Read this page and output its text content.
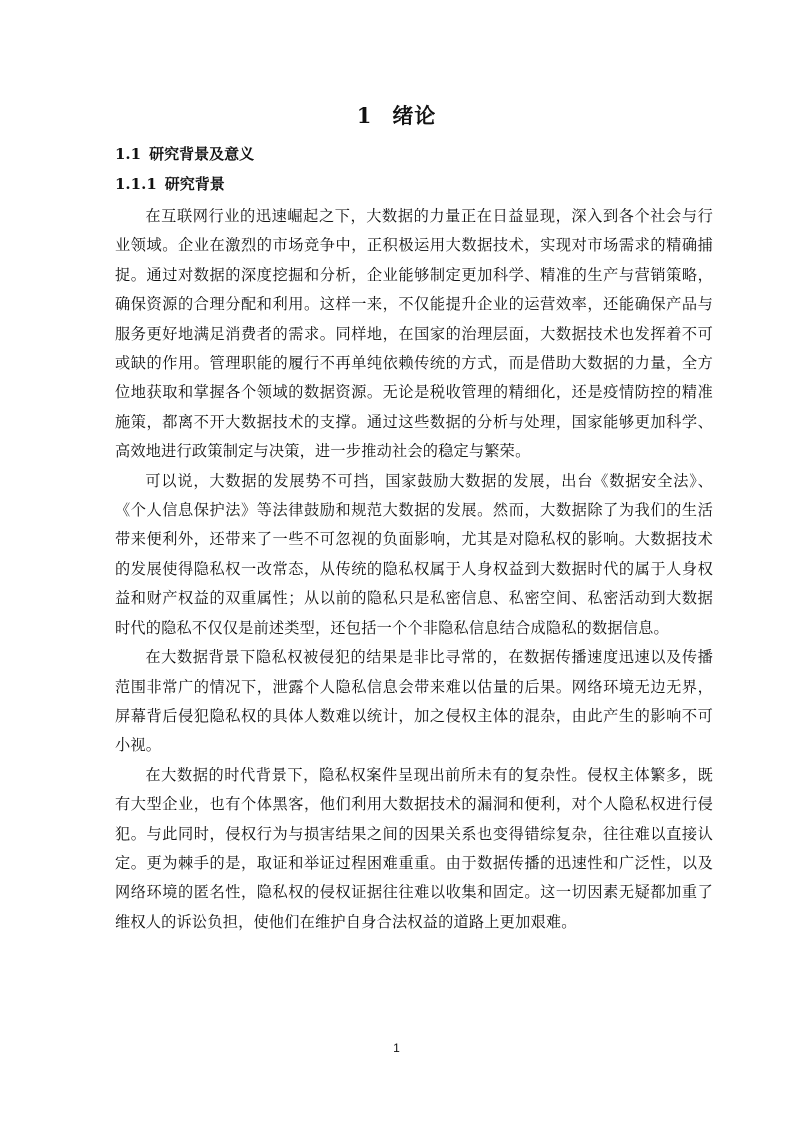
1 绪论
1.1 研究背景及意义
1.1.1 研究背景

在互联网行业的迅速崛起之下，大数据的力量正在日益显现，深入到各个社会与行业领域。企业在激烈的市场竞争中，正积极运用大数据技术，实现对市场需求的精确捕捉。通过对数据的深度挖掘和分析，企业能够制定更加科学、精准的生产与营销策略，确保资源的合理分配和利用。这样一来，不仅能提升企业的运营效率，还能确保产品与服务更好地满足消费者的需求。同样地，在国家的治理层面，大数据技术也发挥着不可或缺的作用。管理职能的履行不再单纯依赖传统的方式，而是借助大数据的力量，全方位地获取和掌握各个领域的数据资源。无论是税收管理的精细化，还是疫情防控的精准施策，都离不开大数据技术的支撑。通过这些数据的分析与处理，国家能够更加科学、高效地进行政策制定与决策，进一步推动社会的稳定与繁荣。

可以说，大数据的发展势不可挡，国家鼓励大数据的发展，出台《数据安全法》、《个人信息保护法》等法律鼓励和规范大数据的发展。然而，大数据除了为我们的生活带来便利外，还带来了一些不可忽视的负面影响，尤其是对隐私权的影响。大数据技术的发展使得隐私权一改常态，从传统的隐私权属于人身权益到大数据时代的属于人身权益和财产权益的双重属性；从以前的隐私只是私密信息、私密空间、私密活动到大数据时代的隐私不仅仅是前述类型，还包括一个个非隐私信息结合成隐私的数据信息。

在大数据背景下隐私权被侵犯的结果是非比寻常的，在数据传播速度迅速以及传播范围非常广的情况下，泄露个人隐私信息会带来难以估量的后果。网络环境无边无界，屏幕背后侵犯隐私权的具体人数难以统计，加之侵权主体的混杂，由此产生的影响不可小视。

在大数据的时代背景下，隐私权案件呈现出前所未有的复杂性。侵权主体繁多，既有大型企业，也有个体黑客，他们利用大数据技术的漏洞和便利，对个人隐私权进行侵犯。与此同时，侵权行为与损害结果之间的因果关系也变得错综复杂，往往难以直接认定。更为棘手的是，取证和举证过程困难重重。由于数据传播的迅速性和广泛性，以及网络环境的匿名性，隐私权的侵权证据往往难以收集和固定。这一切因素无疑都加重了维权人的诉讼负担，使他们在维护自身合法权益的道路上更加艰难。

1
